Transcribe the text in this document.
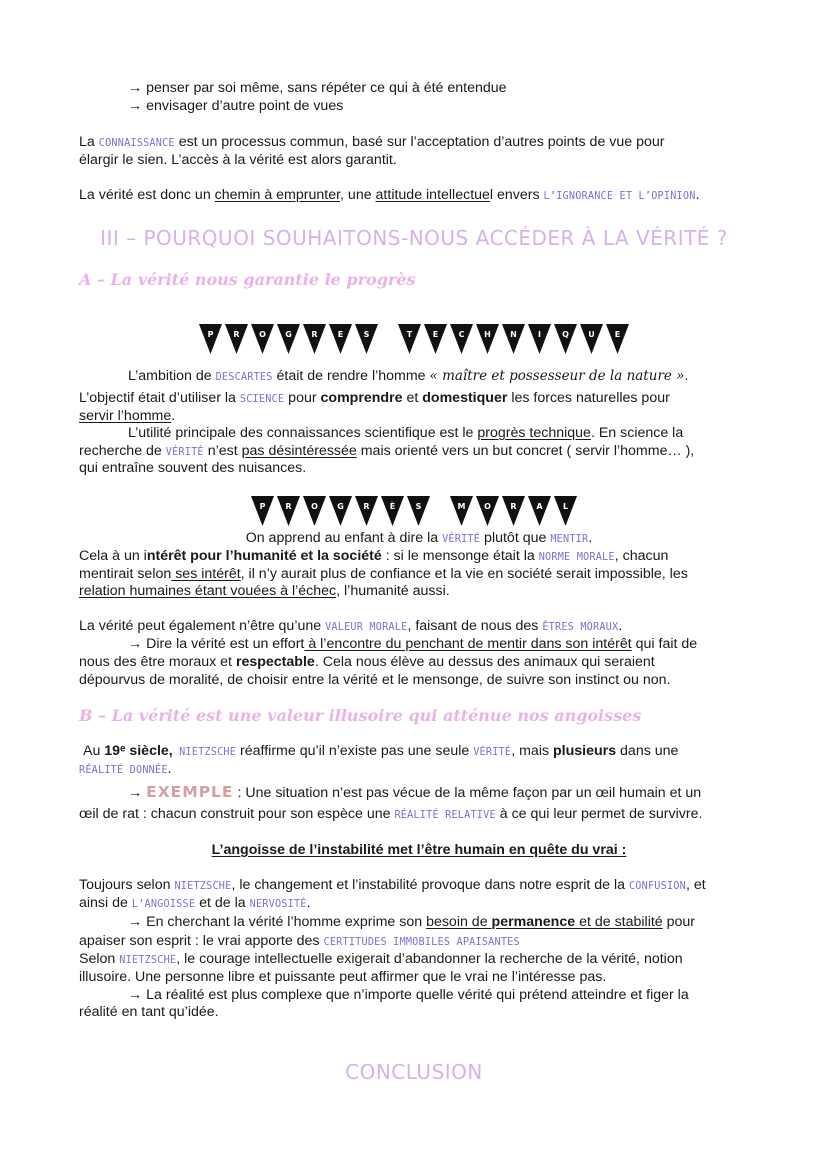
→ penser par soi même, sans répéter ce qui à été entendue
→ envisager d’autre point de vues
La CONNAISSANCE est un processus commun, basé sur l’acceptation d’autres points de vue pour
élargir le sien. L’accès à la vérité est alors garantit.
La vérité est donc un chemin à emprunter, une attitude intellectuel envers L’IGNORANCE ET L’OPINION.
III – POURQUOI SOUHAITONS-NOUS ACCÉDER À LA VÉRITÉ ?
A – La vérité nous garantie le progrès
P	R	O	G	R	E	S	T	E	C	H	N	I	Q	U	E
L’ambition de DESCARTES était de rendre l’homme « maître et possesseur de la nature ».
L’objectif était d’utiliser la SCIENCE pour comprendre et domestiquer les forces naturelles pour
servir l’homme.
L’utilité principale des connaissances scientifique est le progrès technique. En science la
recherche de VÉRITÉ n’est pas désintéressée mais orienté vers un but concret ( servir l’homme… ),
qui entraîne souvent des nuisances.
P	R	O	G	R	È	S	M	O	R	A	L
On apprend au enfant à dire la VÉRITÉ plutôt que MENTIR.
Cela à un intérêt pour l’humanité et la société : si le mensonge était la NORME MORALE, chacun
mentirait selon ses intérêt, il n’y aurait plus de confiance et la vie en société serait impossible, les
relation humaines étant vouées à l’échec, l’humanité aussi.
La vérité peut également n’être qu’une VALEUR MORALE, faisant de nous des ÊTRES MORAUX.
→ Dire la vérité est un effort à l’encontre du penchant de mentir dans son intérêt qui fait de
nous des être moraux et respectable. Cela nous élève au dessus des animaux qui seraient
dépourvus de moralité, de choisir entre la vérité et le mensonge, de suivre son instinct ou non.
B – La vérité est une valeur illusoire qui atténue nos angoisses
Au 19ᵉ siècle, NIETZSCHE réaffirme qu’il n’existe pas une seule VÉRITÉ, mais plusieurs dans une
RÉALITÉ DONNÉE.
→ EXEMPLE : Une situation n’est pas vécue de la même façon par un œil humain et un
œil de rat : chacun construit pour son espèce une RÉALITÉ RELATIVE à ce qui leur permet de survivre.
L’angoisse de l’instabilité met l’être humain en quête du vrai :
Toujours selon NIETZSCHE, le changement et l’instabilité provoque dans notre esprit de la CONFUSION, et
ainsi de L’ANGOISSE et de la NERVOSITÉ.
→ En cherchant la vérité l’homme exprime son besoin de permanence et de stabilité pour
apaiser son esprit : le vrai apporte des CERTITUDES IMMOBILES APAISANTES
Selon NIETZSCHE, le courage intellectuelle exigerait d’abandonner la recherche de la vérité, notion
illusoire. Une personne libre et puissante peut affirmer que le vrai ne l’intéresse pas.
→ La réalité est plus complexe que n’importe quelle vérité qui prétend atteindre et figer la
réalité en tant qu’idée.
CONCLUSION
